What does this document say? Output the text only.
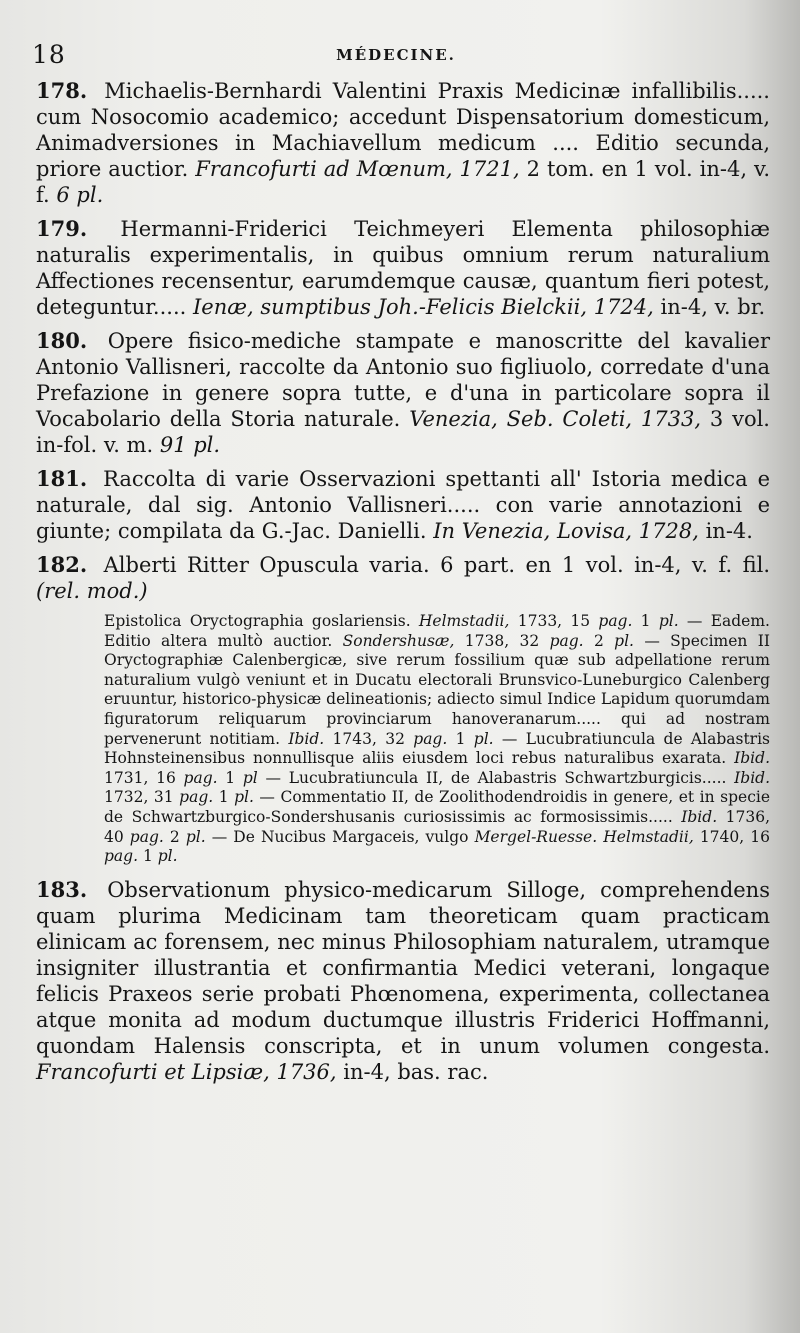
18	MÉDECINE.
178. Michaelis-Bernhardi Valentini Praxis Medicinæ infallibilis..... cum Nosocomio academico; accedunt Dispensatorium domesticum, Animadversiones in Machiavellum medicum .... Editio secunda, priore auctior. Francofurti ad Mœnum, 1721, 2 tom. en 1 vol. in-4, v. f. 6 pl.
179. Hermanni-Friderici Teichmeyeri Elementa philosophiæ naturalis experimentalis, in quibus omnium rerum naturalium Affectiones recensentur, earumdemque causæ, quantum fieri potest, deteguntur..... Ienæ, sumptibus Joh.-Felicis Bielckii, 1724, in-4, v. br.
180. Opere fisico-mediche stampate e manoscritte del kavalier Antonio Vallisneri, raccolte da Antonio suo figliuolo, corredate d'una Prefazione in genere sopra tutte, e d'una in particolare sopra il Vocabolario della Storia naturale. Venezia, Seb. Coleti, 1733, 3 vol. in-fol. v. m. 91 pl.
181. Raccolta di varie Osservazioni spettanti all' Istoria medica e naturale, dal sig. Antonio Vallisneri..... con varie annotazioni e giunte; compilata da G.-Jac. Danielli. In Venezia, Lovisa, 1728, in-4.
182. Alberti Ritter Opuscula varia. 6 part. en 1 vol. in-4, v. f. fil. (rel. mod.)
Epistolica Oryctographia goslariensis. Helmstadii, 1733, 15 pag. 1 pl. — Eadem. Editio altera multò auctior. Sondershusæ, 1738, 32 pag. 2 pl. — Specimen II Oryctographiæ Calenbergicæ, sive rerum fossilium quæ sub adpellatione rerum naturalium vulgò veniunt et in Ducatu electorali Brunsvico-Luneburgico Calenberg eruuntur, historico-physicæ delineationis; adiecto simul Indice Lapidum quorumdam figuratorum reliquarum provinciarum hanoveranarum..... qui ad nostram pervenerunt notitiam. Ibid. 1743, 32 pag. 1 pl. — Lucubratiuncula de Alabastris Hohnsteinensibus nonnullisque aliis eiusdem loci rebus naturalibus exarata. Ibid. 1731, 16 pag. 1 pl — Lucubratiuncula II, de Alabastris Schwartzburgicis..... Ibid. 1732, 31 pag. 1 pl. — Commentatio II, de Zoolithodendroidis in genere, et in specie de Schwartzburgico-Sondershusanis curiosissimis ac formosissimis..... Ibid. 1736, 40 pag. 2 pl. — De Nucibus Margaceis, vulgo Mergel-Ruesse. Helmstadii, 1740, 16 pag. 1 pl.
183. Observationum physico-medicarum Silloge, comprehendens quam plurima Medicinam tam theoreticam quam practicam elinicam ac forensem, nec minus Philosophiam naturalem, utramque insigniter illustrantia et confirmantia Medici veterani, longaque felicis Praxeos serie probati Phœnomena, experimenta, collectanea atque monita ad modum ductumque illustris Friderici Hoffmanni, quondam Halensis conscripta, et in unum volumen congesta. Francofurti et Lipsiæ, 1736, in-4, bas. rac.
